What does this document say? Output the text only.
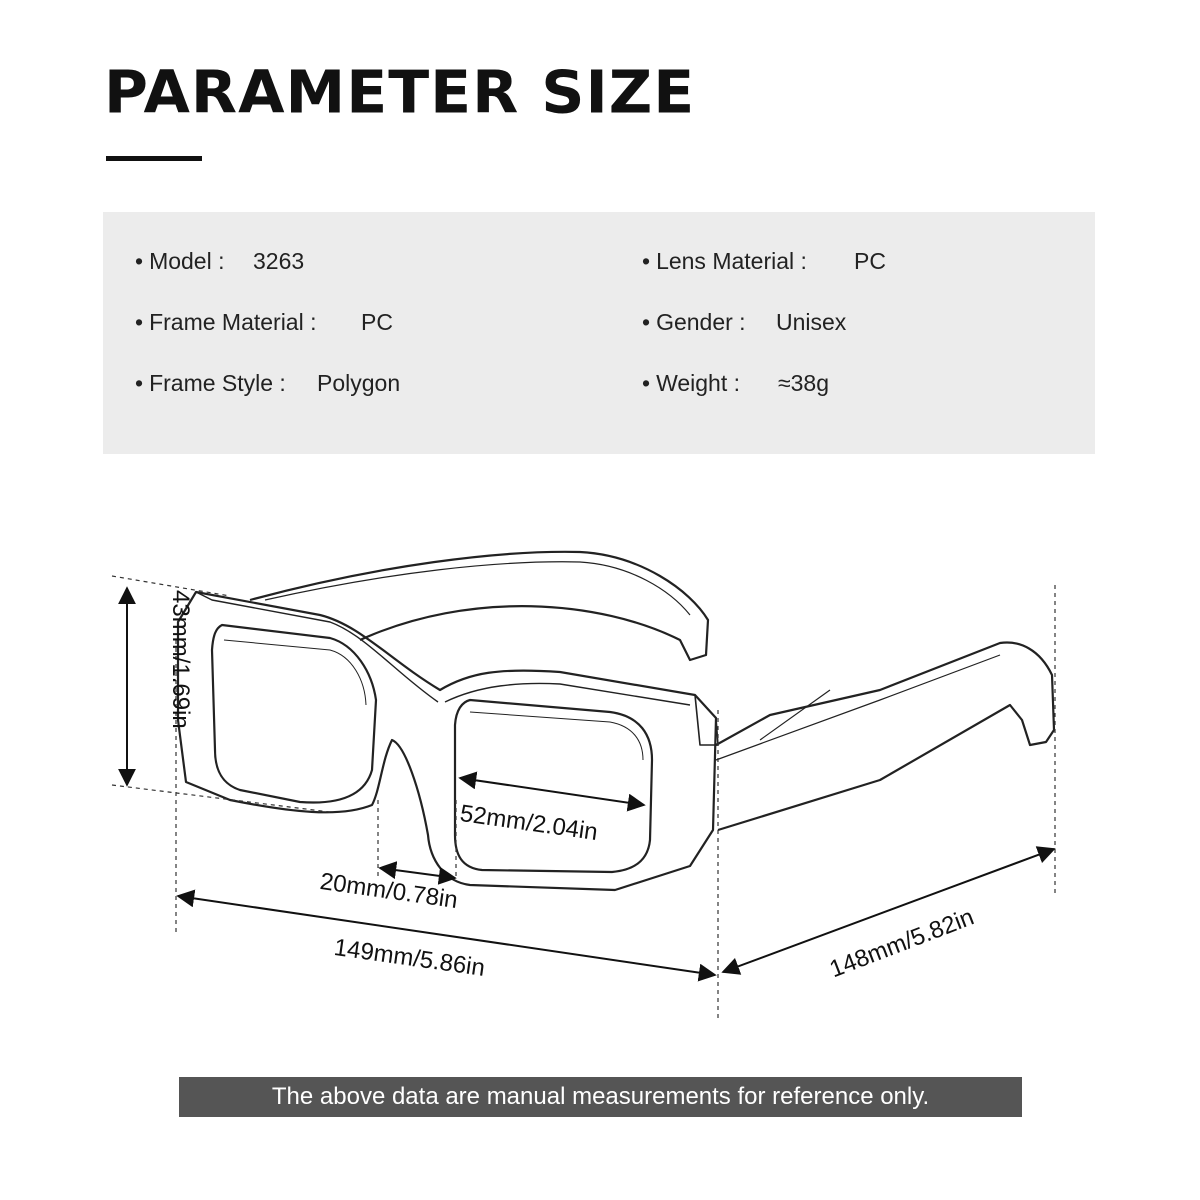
PARAMETER SIZE
• Model : 3263
• Frame Material : PC
• Frame Style : Polygon
• Lens Material : PC
• Gender : Unisex
• Weight : ≈38g
43mm/1.69in
52mm/2.04in
20mm/0.78in
149mm/5.86in	148mm/5.82in
The above data are manual measurements for reference only.
